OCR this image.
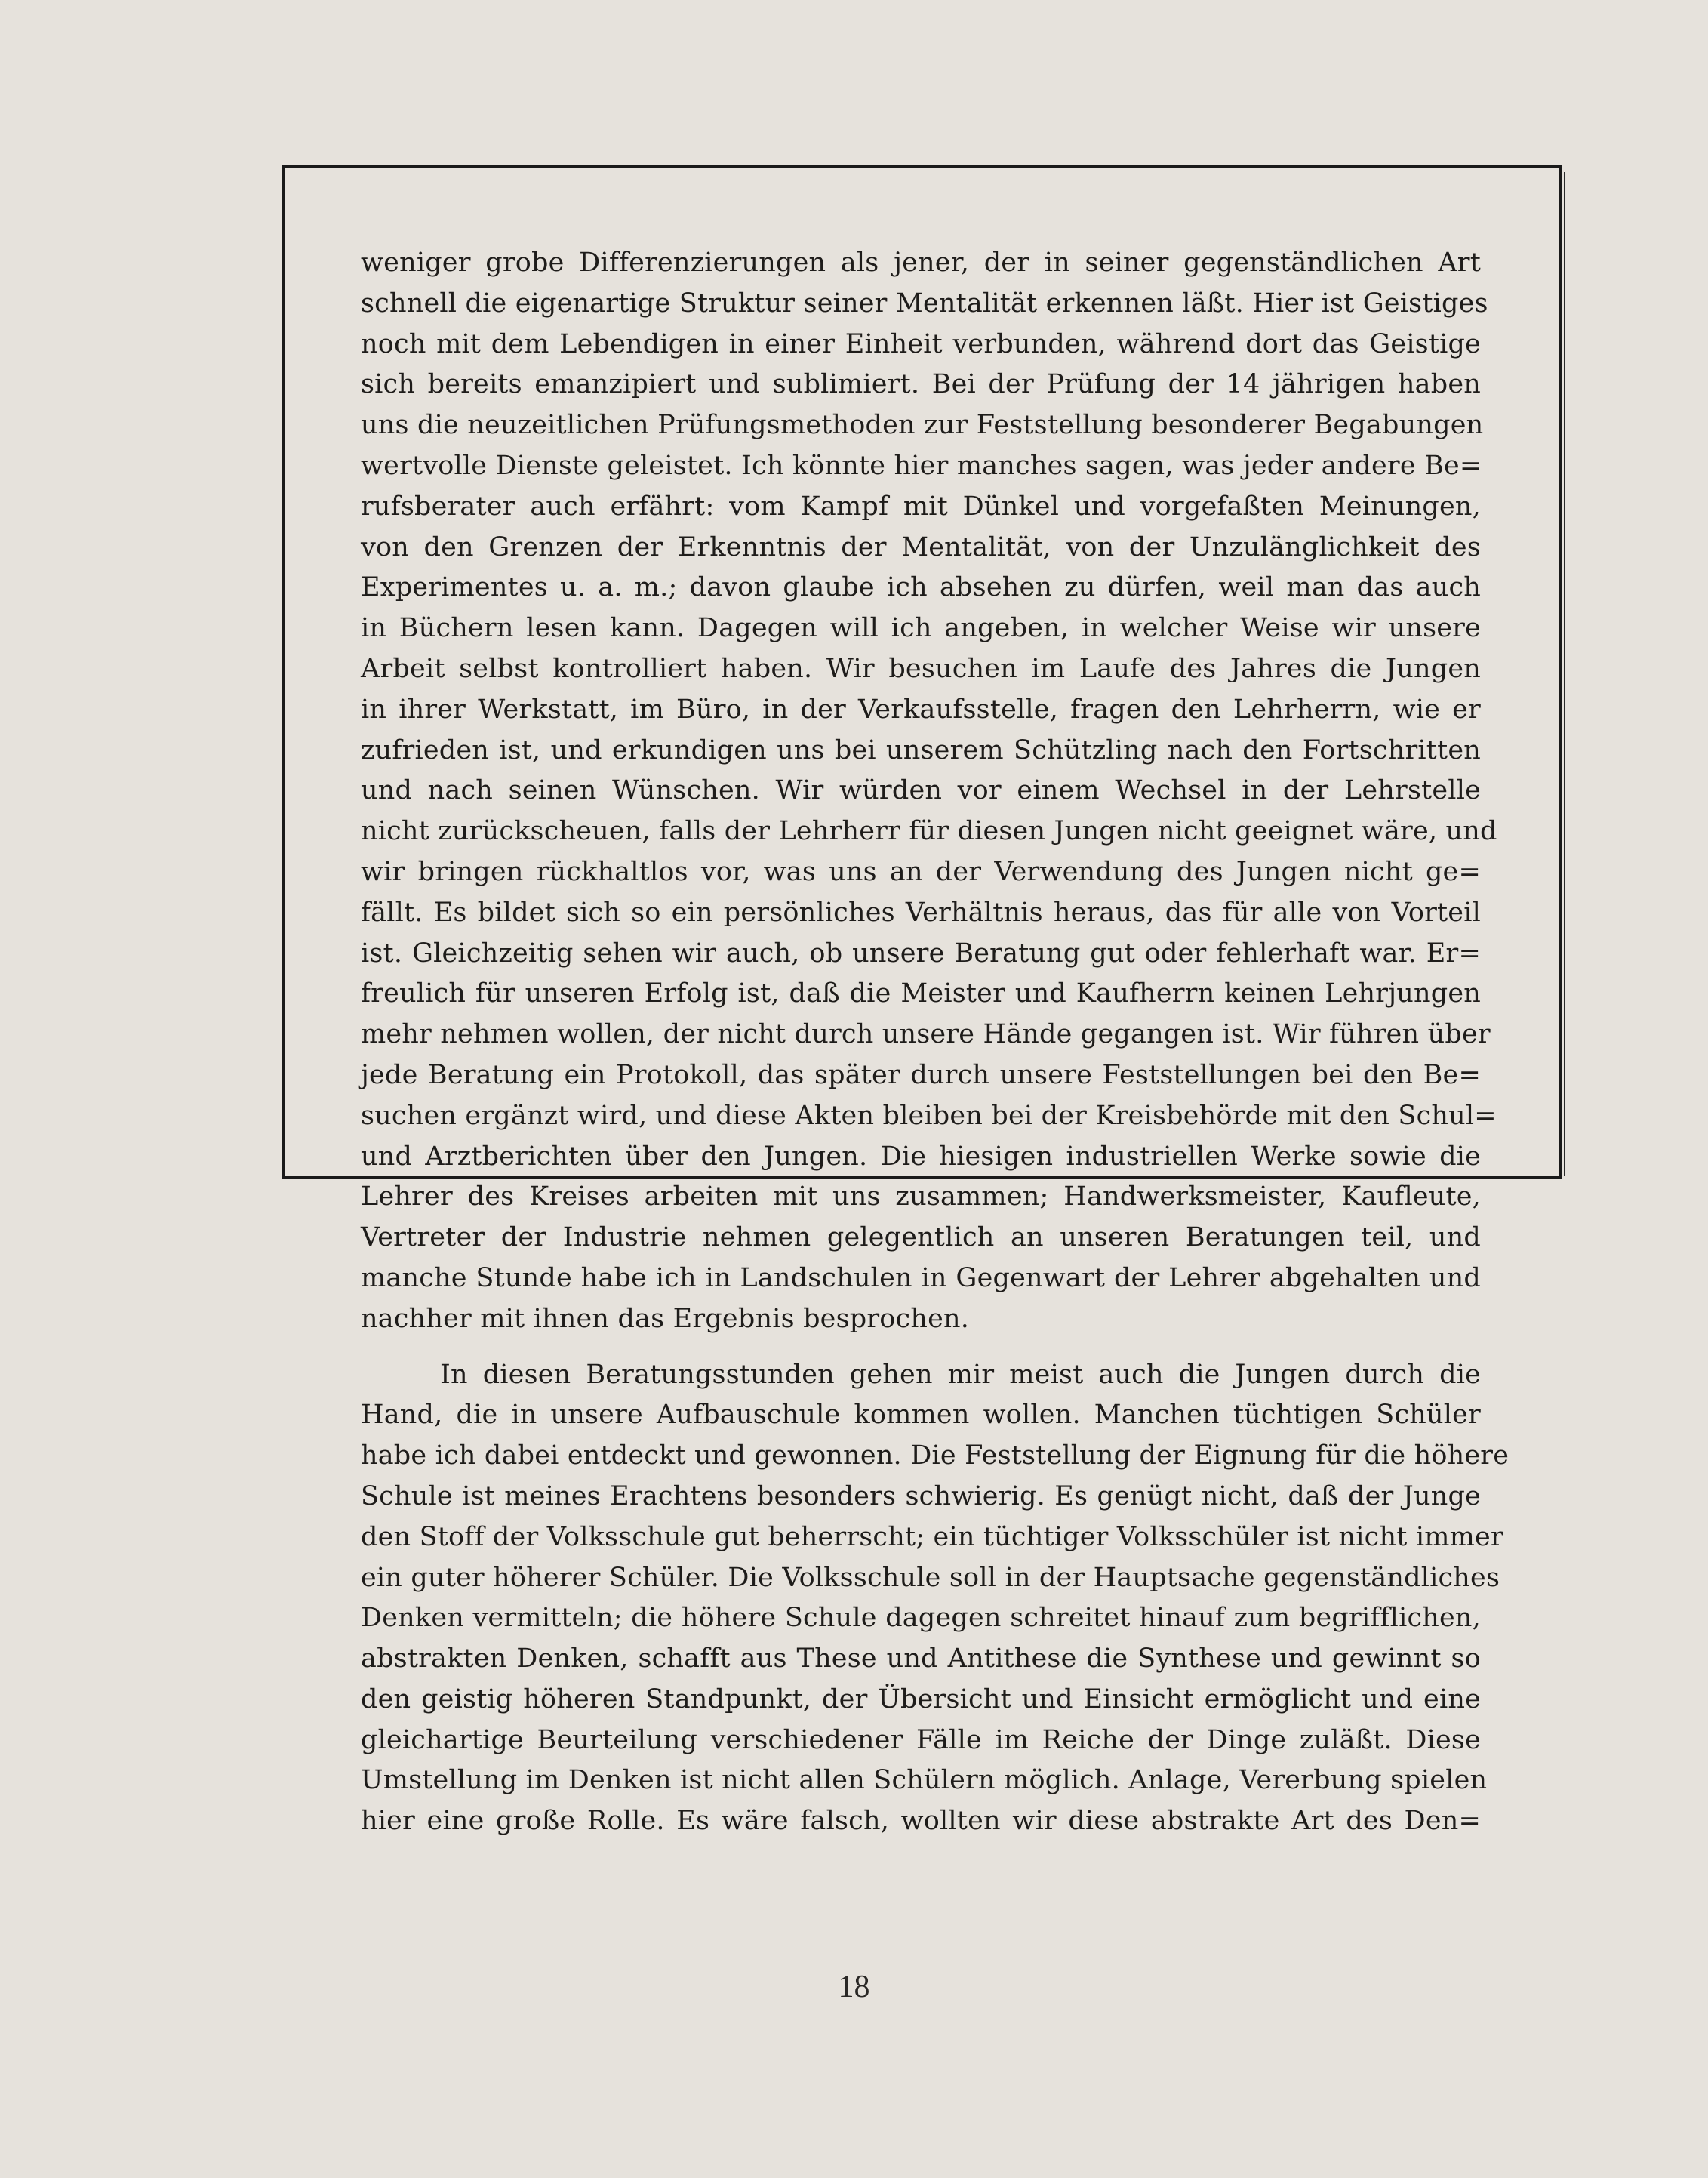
weniger grobe Differenzierungen als jener, der in seiner gegenständlichen Art
schnell die eigenartige Struktur seiner Mentalität erkennen läßt. Hier ist Geistiges
noch mit dem Lebendigen in einer Einheit verbunden, während dort das Geistige
sich bereits emanzipiert und sublimiert. Bei der Prüfung der 14 jährigen haben
uns die neuzeitlichen Prüfungsmethoden zur Feststellung besonderer Begabungen
wertvolle Dienste geleistet. Ich könnte hier manches sagen, was jeder andere Be=
rufsberater auch erfährt: vom Kampf mit Dünkel und vorgefaßten Meinungen,
von den Grenzen der Erkenntnis der Mentalität, von der Unzulänglichkeit des
Experimentes u. a. m.; davon glaube ich absehen zu dürfen, weil man das auch
in Büchern lesen kann. Dagegen will ich angeben, in welcher Weise wir unsere
Arbeit selbst kontrolliert haben. Wir besuchen im Laufe des Jahres die Jungen
in ihrer Werkstatt, im Büro, in der Verkaufsstelle, fragen den Lehrherrn, wie er
zufrieden ist, und erkundigen uns bei unserem Schützling nach den Fortschritten
und nach seinen Wünschen. Wir würden vor einem Wechsel in der Lehrstelle
nicht zurückscheuen, falls der Lehrherr für diesen Jungen nicht geeignet wäre, und
wir bringen rückhaltlos vor, was uns an der Verwendung des Jungen nicht ge=
fällt. Es bildet sich so ein persönliches Verhältnis heraus, das für alle von Vorteil
ist. Gleichzeitig sehen wir auch, ob unsere Beratung gut oder fehlerhaft war. Er=
freulich für unseren Erfolg ist, daß die Meister und Kaufherrn keinen Lehrjungen
mehr nehmen wollen, der nicht durch unsere Hände gegangen ist. Wir führen über
jede Beratung ein Protokoll, das später durch unsere Feststellungen bei den Be=
suchen ergänzt wird, und diese Akten bleiben bei der Kreisbehörde mit den Schul=
und Arztberichten über den Jungen. Die hiesigen industriellen Werke sowie die
Lehrer des Kreises arbeiten mit uns zusammen; Handwerksmeister, Kaufleute,
Vertreter der Industrie nehmen gelegentlich an unseren Beratungen teil, und
manche Stunde habe ich in Landschulen in Gegenwart der Lehrer abgehalten und
nachher mit ihnen das Ergebnis besprochen.

In diesen Beratungsstunden gehen mir meist auch die Jungen durch die
Hand, die in unsere Aufbauschule kommen wollen. Manchen tüchtigen Schüler
habe ich dabei entdeckt und gewonnen. Die Feststellung der Eignung für die höhere
Schule ist meines Erachtens besonders schwierig. Es genügt nicht, daß der Junge
den Stoff der Volksschule gut beherrscht; ein tüchtiger Volksschüler ist nicht immer
ein guter höherer Schüler. Die Volksschule soll in der Hauptsache gegenständliches
Denken vermitteln; die höhere Schule dagegen schreitet hinauf zum begrifflichen,
abstrakten Denken, schafft aus These und Antithese die Synthese und gewinnt so
den geistig höheren Standpunkt, der Übersicht und Einsicht ermöglicht und eine
gleichartige Beurteilung verschiedener Fälle im Reiche der Dinge zuläßt. Diese
Umstellung im Denken ist nicht allen Schülern möglich. Anlage, Vererbung spielen
hier eine große Rolle. Es wäre falsch, wollten wir diese abstrakte Art des Den=

18
